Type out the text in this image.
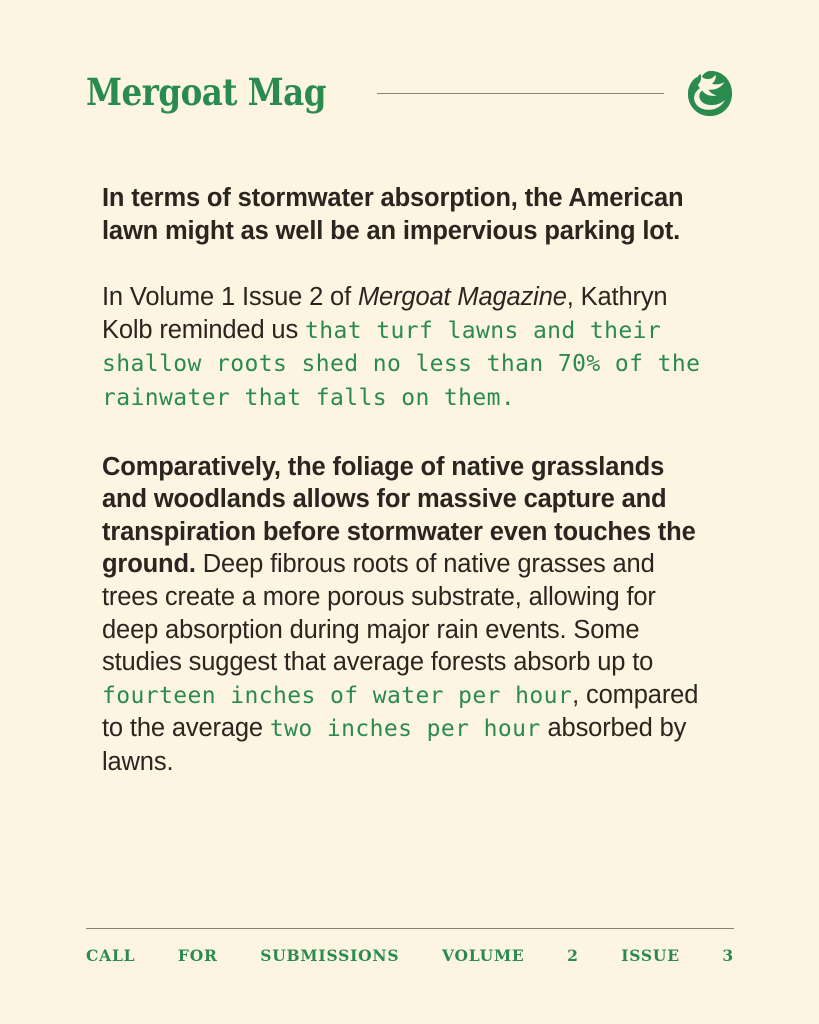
Mergoat Mag

In terms of stormwater absorption, the American lawn might as well be an impervious parking lot.

In Volume 1 Issue 2 of Mergoat Magazine, Kathryn Kolb reminded us that turf lawns and their shallow roots shed no less than 70% of the rainwater that falls on them.

Comparatively, the foliage of native grasslands and woodlands allows for massive capture and transpiration before stormwater even touches the ground. Deep fibrous roots of native grasses and trees create a more porous substrate, allowing for deep absorption during major rain events. Some studies suggest that average forests absorb up to fourteen inches of water per hour, compared to the average two inches per hour absorbed by lawns.

CALL	FOR	SUBMISSIONS	VOLUME	2	ISSUE	3
